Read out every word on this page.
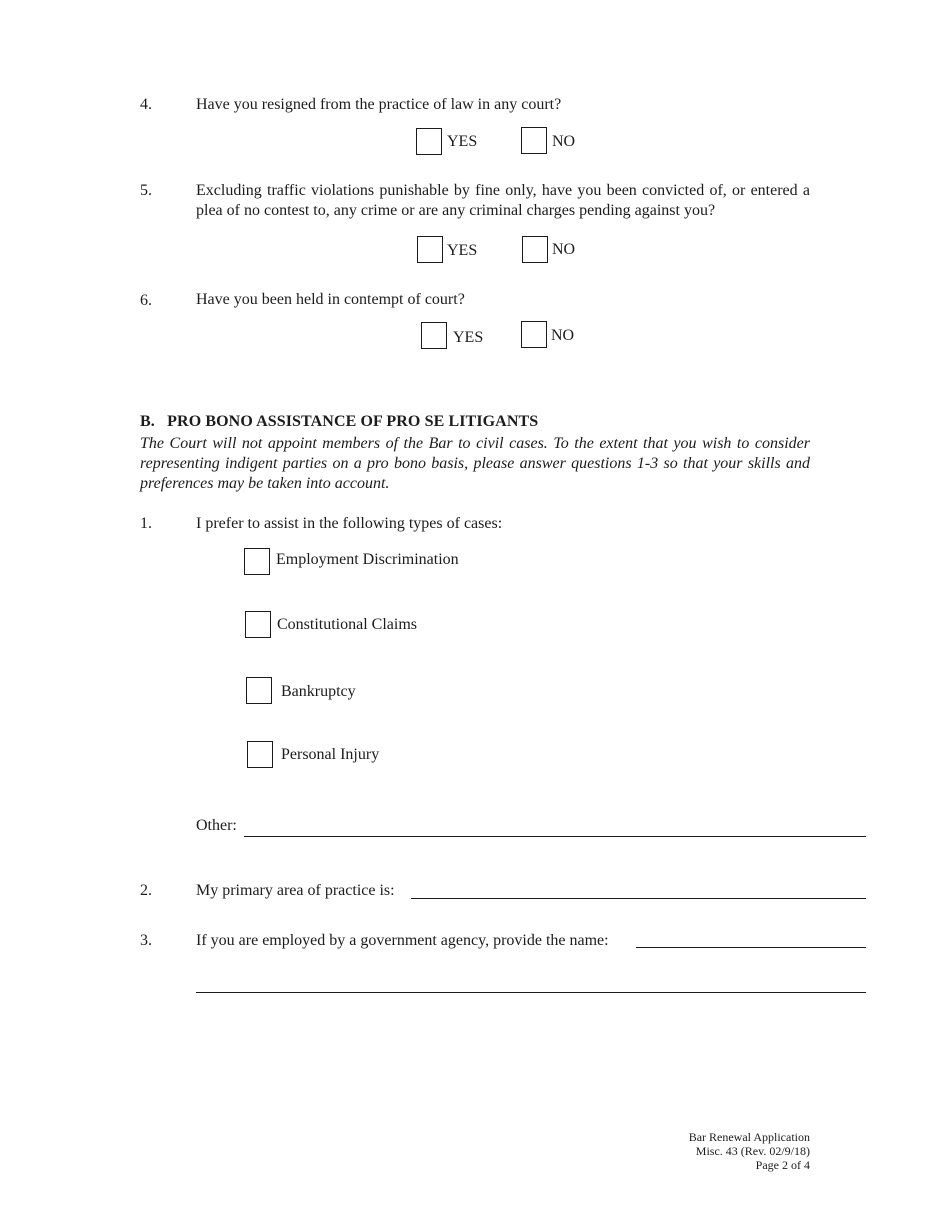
4.	Have you resigned from the practice of law in any court?
YES	NO
5.	Excluding traffic violations punishable by fine only, have you been convicted of, or entered a plea of no contest to, any crime or are any criminal charges pending against you?
YES	NO
6.	Have you been held in contempt of court?
YES	NO
B.   PRO BONO ASSISTANCE OF PRO SE LITIGANTS
The Court will not appoint members of the Bar to civil cases. To the extent that you wish to consider representing indigent parties on a pro bono basis, please answer questions 1-3 so that your skills and preferences may be taken into account.
1.	I prefer to assist in the following types of cases:
Employment Discrimination
Constitutional Claims
Bankruptcy
Personal Injury
Other:
2.	My primary area of practice is:
3.	If you are employed by a government agency, provide the name:
Bar Renewal Application
Misc. 43 (Rev. 02/9/18)
Page 2 of 4
